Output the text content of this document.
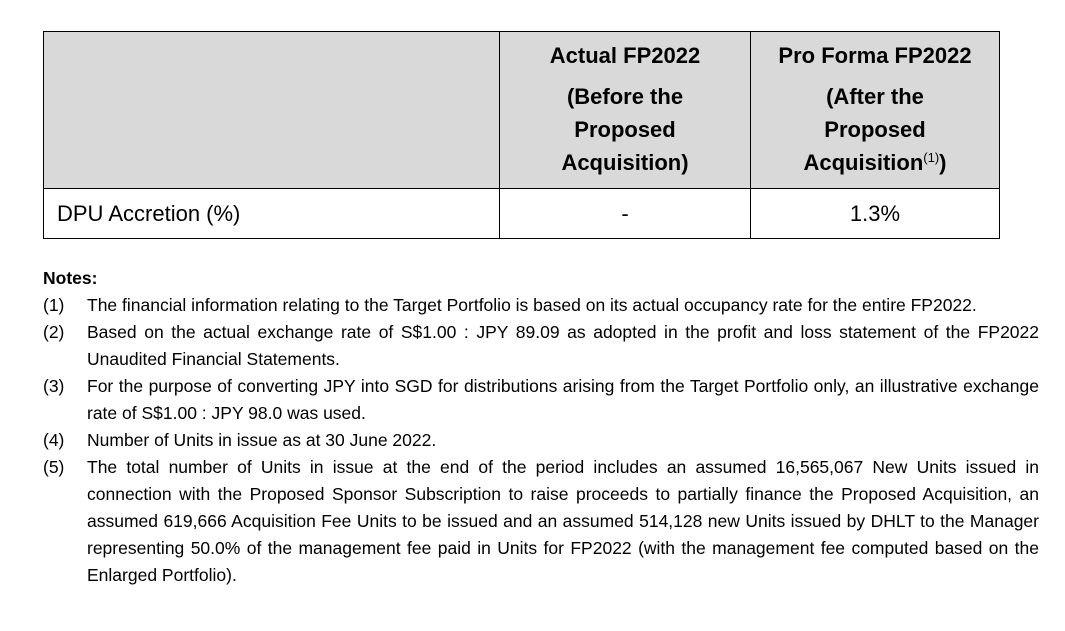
	Actual FP2022
(Before the
Proposed
Acquisition)	Pro Forma FP2022
(After the
Proposed
Acquisition$^{(1)}$)

DPU Accretion (%)	-	1.3%
Notes:
(1)	The financial information relating to the Target Portfolio is based on its actual occupancy rate for the entire FP2022.
(2)	Based on the actual exchange rate of S$1.00 : JPY 89.09 as adopted in the profit and loss statement of the FP2022 Unaudited Financial Statements.
(3)	For the purpose of converting JPY into SGD for distributions arising from the Target Portfolio only, an illustrative exchange rate of S$1.00 : JPY 98.0 was used.
(4)	Number of Units in issue as at 30 June 2022.
(5)	The total number of Units in issue at the end of the period includes an assumed 16,565,067 New Units issued in connection with the Proposed Sponsor Subscription to raise proceeds to partially finance the Proposed Acquisition, an assumed 619,666 Acquisition Fee Units to be issued and an assumed 514,128 new Units issued by DHLT to the Manager representing 50.0% of the management fee paid in Units for FP2022 (with the management fee computed based on the Enlarged Portfolio).
